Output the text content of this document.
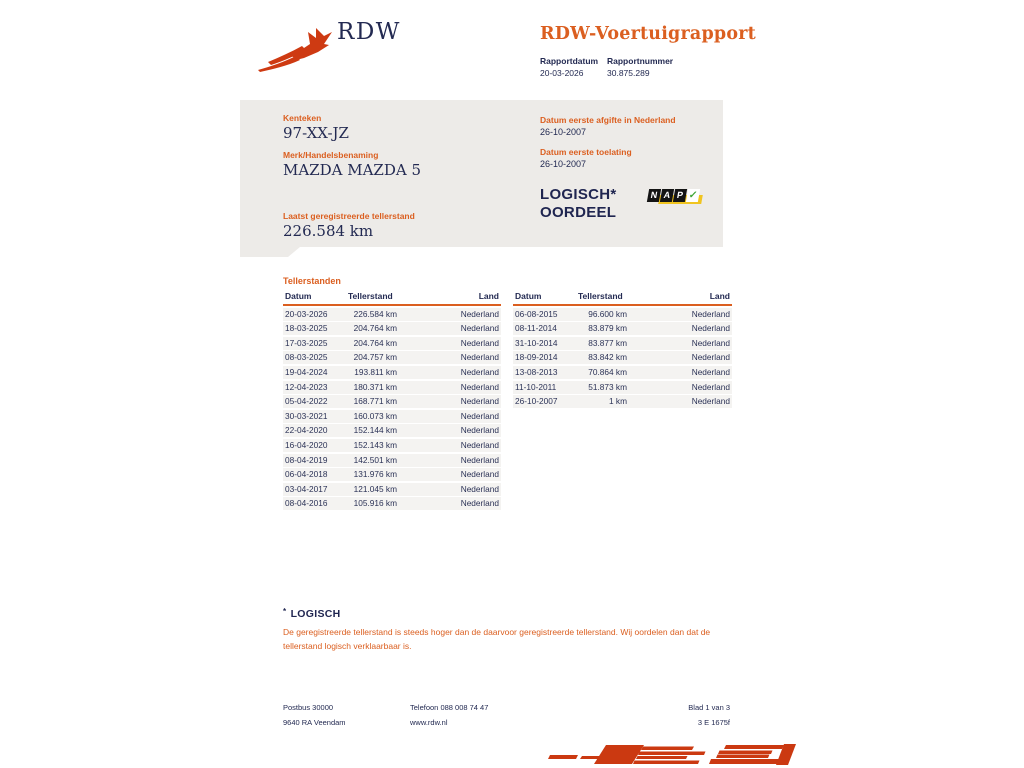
RDW	RDW-Voertuigrapport
Rapportdatum
20-03-2026
Rapportnummer
30.875.289
Kenteken
97-XX-JZ
Merk/Handelsbenaming
MAZDA MAZDA 5
Laatst geregistreerde tellerstand
226.584 km
Datum eerste afgifte in Nederland
26-10-2007
Datum eerste toelating
26-10-2007
LOGISCH*
OORDEEL
N A P ✓
Tellerstanden
Datum	Tellerstand	Land
20-03-2026	226.584 km	Nederland
18-03-2025	204.764 km	Nederland
17-03-2025	204.764 km	Nederland
08-03-2025	204.757 km	Nederland
19-04-2024	193.811 km	Nederland
12-04-2023	180.371 km	Nederland
05-04-2022	168.771 km	Nederland
30-03-2021	160.073 km	Nederland
22-04-2020	152.144 km	Nederland
16-04-2020	152.143 km	Nederland
08-04-2019	142.501 km	Nederland
06-04-2018	131.976 km	Nederland
03-04-2017	121.045 km	Nederland
08-04-2016	105.916 km	Nederland
Datum	Tellerstand	Land
06-08-2015	96.600 km	Nederland
08-11-2014	83.879 km	Nederland
31-10-2014	83.877 km	Nederland
18-09-2014	83.842 km	Nederland
13-08-2013	70.864 km	Nederland
11-10-2011	51.873 km	Nederland
26-10-2007	1 km	Nederland
* LOGISCH
De geregistreerde tellerstand is steeds hoger dan de daarvoor geregistreerde tellerstand. Wij oordelen dan dat de tellerstand logisch verklaarbaar is.
Postbus 30000
9640 RA Veendam
Telefoon 088 008 74 47
www.rdw.nl
Blad 1 van 3
3 E 1675f
